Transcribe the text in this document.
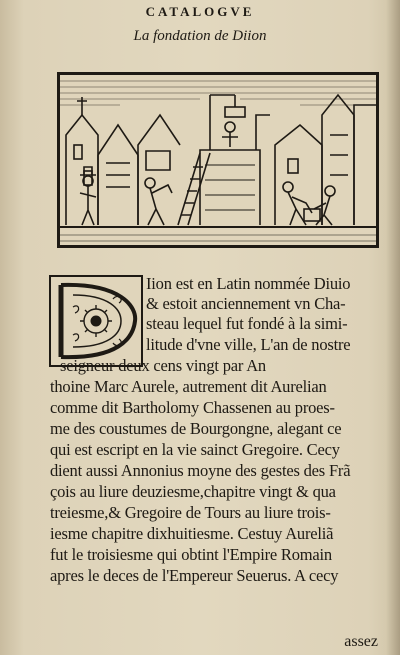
CATALOGVE
La fondation de Diion
D	Iion est en Latin nommée Diuio
& estoit anciennement vn Cha-
steau lequel fut fondé à la simi-
litude d'vne ville, L'an de nostre
seigneur deux cens vingt par An
thoine Marc Aurele, autrement dit Aurelian
comme dit Bartholomy Chassenen au proes-
me des coustumes de Bourgongne, alegant ce
qui est escript en la vie sainct Gregoire. Cecy
dient aussi Annonius moyne des gestes des Frã
çois au liure deuziesme,chapitre vingt & qua
treiesme,& Gregoire de Tours au liure trois-
iesme chapitre dixhuitiesme. Cestuy Aureliã
fut le troisiesme qui obtint l'Empire Romain
apres le deces de l'Empereur Seuerus. A cecy
assez
